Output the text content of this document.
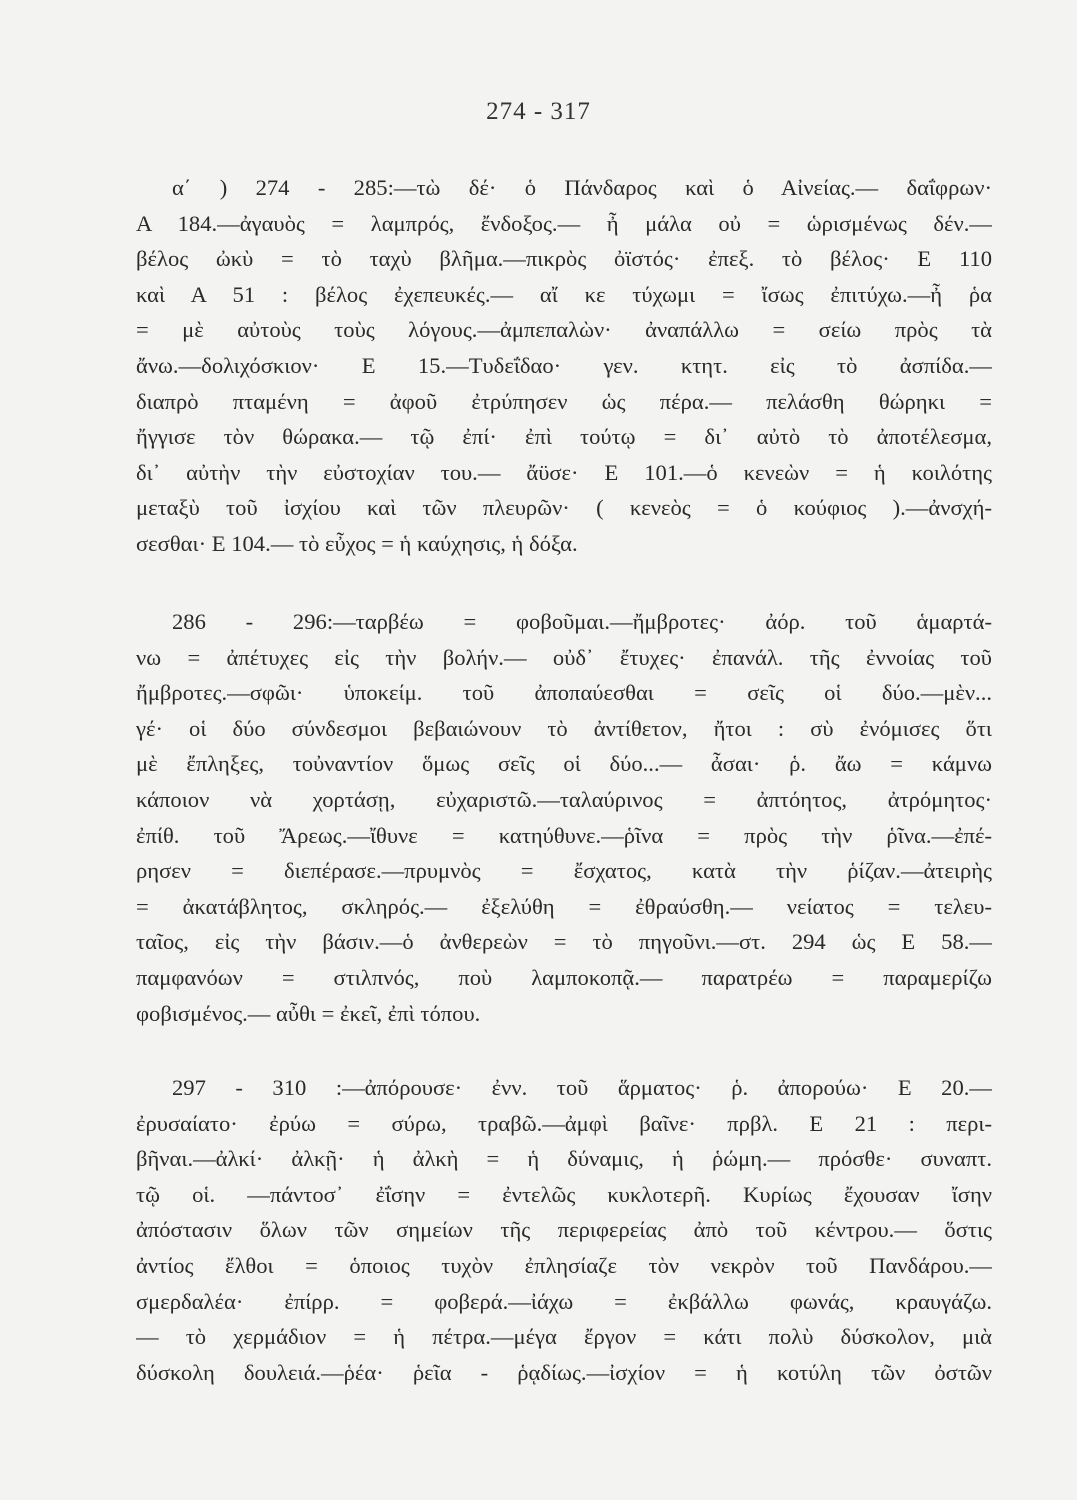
274 - 317
α΄ ) 274 - 285:—τὼ δέ· ὁ Πάνδαρος καὶ ὁ Αἰνείας.— δαΐφρων·
Α 184.—ἀγαυὸς = λαμπρός, ἔνδοξος.— ἦ μάλα οὐ = ὡρισμένως δέν.—
βέλος ὠκὺ = τὸ ταχὺ βλῆμα.—πικρὸς ὀϊστός· ἐπεξ. τὸ βέλος· Ε 110
καὶ Α 51 : βέλος ἐχεπευκές.— αἴ κε τύχωμι = ἴσως ἐπιτύχω.—ἦ ῥα
= μὲ αὐτοὺς τοὺς λόγους.—ἀμπεπαλὼν· ἀναπάλλω = σείω πρὸς τὰ
ἄνω.—δολιχόσκιον· Ε 15.—Τυδεΐδαο· γεν. κτητ. εἰς τὸ ἀσπίδα.—
διαπρὸ πταμένη = ἀφοῦ ἐτρύπησεν ὡς πέρα.— πελάσθη θώρηκι =
ἤγγισε τὸν θώρακα.— τῷ ἐπί· ἐπὶ τούτῳ = δι᾽ αὐτὸ τὸ ἀποτέλεσμα,
δι᾽ αὐτὴν τὴν εὐστοχίαν του.— ἄϋσε· Ε 101.—ὁ κενεὼν = ἡ κοιλότης
μεταξὺ τοῦ ἰσχίου καὶ τῶν πλευρῶν· ( κενεὸς = ὁ κούφιος ).—ἀνσχή-
σεσθαι· Ε 104.— τὸ εὖχος = ἡ καύχησις, ἡ δόξα.
286 - 296:—ταρβέω = φοβοῦμαι.—ἤμβροτες· ἀόρ. τοῦ ἁμαρτά-
νω = ἀπέτυχες εἰς τὴν βολήν.— οὐδ᾽ ἔτυχες· ἐπανάλ. τῆς ἐννοίας τοῦ
ἤμβροτες.—σφῶι· ὑποκείμ. τοῦ ἀποπαύεσθαι = σεῖς οἱ δύο.—μὲν...
γέ· οἱ δύο σύνδεσμοι βεβαιώνουν τὸ ἀντίθετον, ἤτοι : σὺ ἐνόμισες ὅτι
μὲ ἔπληξες, τοὐναντίον ὅμως σεῖς οἱ δύο...— ἆσαι· ῥ. ἄω = κάμνω
κάποιον νὰ χορτάσῃ, εὐχαριστῶ.—ταλαύρινος = ἀπτόητος, ἀτρόμητος·
ἐπίθ. τοῦ Ἄρεως.—ἴθυνε = κατηύθυνε.—ῥῖνα = πρὸς τὴν ῥῖνα.—ἐπέ-
ρησεν = διεπέρασε.—πρυμνὸς = ἔσχατος, κατὰ τὴν ῥίζαν.—ἀτειρὴς
= ἀκατάβλητος, σκληρός.— ἐξελύθη = ἐθραύσθη.— νείατος = τελευ-
ταῖος, εἰς τὴν βάσιν.—ὁ ἀνθερεὼν = τὸ πηγοῦνι.—στ. 294 ὡς Ε 58.—
παμφανόων = στιλπνός, ποὺ λαμποκοπᾷ.— παρατρέω = παραμερίζω
φοβισμένος.— αὖθι = ἐκεῖ, ἐπὶ τόπου.
297 - 310 :—ἀπόρουσε· ἐνν. τοῦ ἅρματος· ῥ. ἀπορούω· Ε 20.—
ἐρυσαίατο· ἐρύω = σύρω, τραβῶ.—ἀμφὶ βαῖνε· πρβλ. Ε 21 : περι-
βῆναι.—ἀλκί· ἀλκῇ· ἡ ἀλκὴ = ἡ δύναμις, ἡ ῥώμη.— πρόσθε· συναπτ.
τῷ οἱ. —πάντοσ᾽ ἐΐσην = ἐντελῶς κυκλοτερῆ. Κυρίως ἔχουσαν ἴσην
ἀπόστασιν ὅλων τῶν σημείων τῆς περιφερείας ἀπὸ τοῦ κέντρου.— ὅστις
ἀντίος ἔλθοι = ὁποιος τυχὸν ἐπλησίαζε τὸν νεκρὸν τοῦ Πανδάρου.—
σμερδαλέα· ἐπίρρ. = φοβερά.—ἰάχω = ἐκβάλλω φωνάς, κραυγάζω.
— τὸ χερμάδιον = ἡ πέτρα.—μέγα ἔργον = κάτι πολὺ δύσκολον, μιὰ
δύσκολη δουλειά.—ῥέα· ῥεῖα - ῥᾳδίως.—ἰσχίον = ἡ κοτύλη τῶν ὀστῶν
